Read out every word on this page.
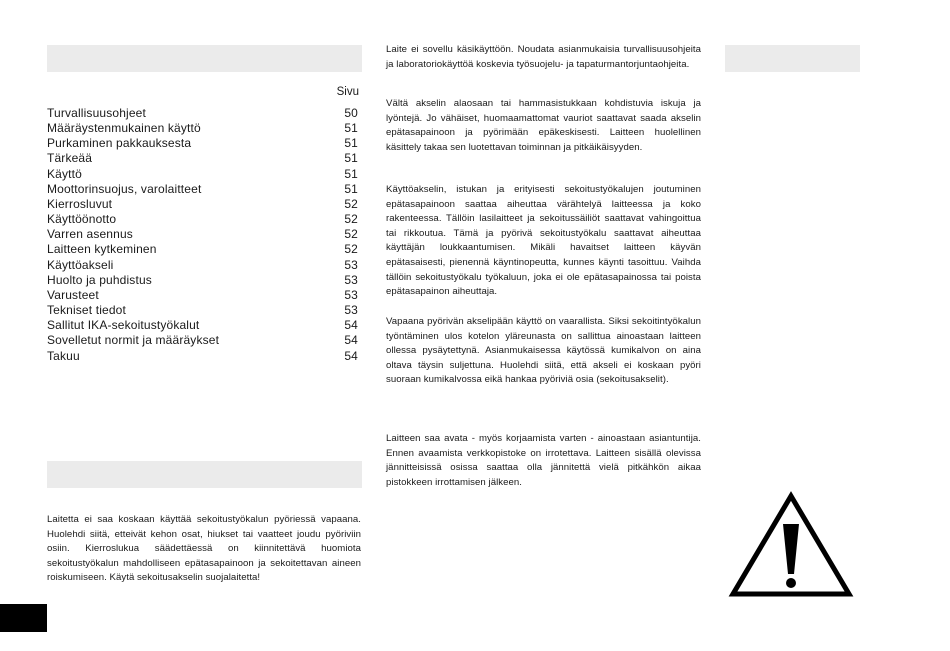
Sivu
Turvallisuusohjeet	50
Määräystenmukainen käyttö	51
Purkaminen pakkauksesta	51
Tärkeää	51
Käyttö	51
Moottorinsuojus, varolaitteet	51
Kierrosluvut	52
Käyttöönotto	52
Varren asennus	52
Laitteen kytkeminen	52
Käyttöakseli	53
Huolto ja puhdistus	53
Varusteet	53
Tekniset tiedot	53
Sallitut IKA-sekoitustyökalut	54
Sovelletut normit ja määräykset	54
Takuu	54

Laitetta ei saa koskaan käyttää sekoitustyökalun pyöriessä vapaana. Huolehdi siitä, etteivät kehon osat, hiukset tai vaatteet joudu pyöriviin osiin. Kierroslukua säädettäessä on kiinnitettävä huomiota sekoitustyökalun mahdolliseen epätasapainoon ja sekoitettavan aineen roiskumiseen. Käytä sekoitusakselin suojalaitetta!

Laite ei sovellu käsikäyttöön. Noudata asianmukaisia turvallisuusohjeita ja laboratoriokäyttöä koskevia työsuojelu- ja tapaturmantorjuntaohjeita.

Vältä akselin alaosaan tai hammasistukkaan kohdistuvia iskuja ja lyöntejä. Jo vähäiset, huomaamattomat vauriot saattavat saada akselin epätasapainoon ja pyörimään epäkeskisesti. Laitteen huolellinen käsittely takaa sen luotettavan toiminnan ja pitkäikäisyyden.

Käyttöakselin, istukan ja erityisesti sekoitustyökalujen joutuminen epätasapainoon saattaa aiheuttaa värähtelyä laitteessa ja koko rakenteessa. Tällöin lasilaitteet ja sekoitussäiliöt saattavat vahingoittua tai rikkoutua. Tämä ja pyörivä sekoitustyökalu saattavat aiheuttaa käyttäjän loukkaantumisen. Mikäli havaitset laitteen käyvän epätasaisesti, pienennä käyntinopeutta, kunnes käynti tasoittuu. Vaihda tällöin sekoitustyökalu työkaluun, joka ei ole epätasapainossa tai poista epätasapainon aiheuttaja.

Vapaana pyörivän akselipään käyttö on vaarallista. Siksi sekoitintyökalun työntäminen ulos kotelon yläreunasta on sallittua ainoastaan laitteen ollessa pysäytettynä. Asianmukaisessa käytössä kumikalvon on aina oltava täysin suljettuna. Huolehdi siitä, että akseli ei koskaan pyöri suoraan kumikalvossa eikä hankaa pyöriviä osia (sekoitusakselit).

Laitteen saa avata - myös korjaamista varten - ainoastaan asiantuntija. Ennen avaamista verkkopistoke on irrotettava. Laitteen sisällä olevissa jännitteisissä osissa saattaa olla jännitettä vielä pitkähkön aikaa pistokkeen irrottamisen jälkeen.
